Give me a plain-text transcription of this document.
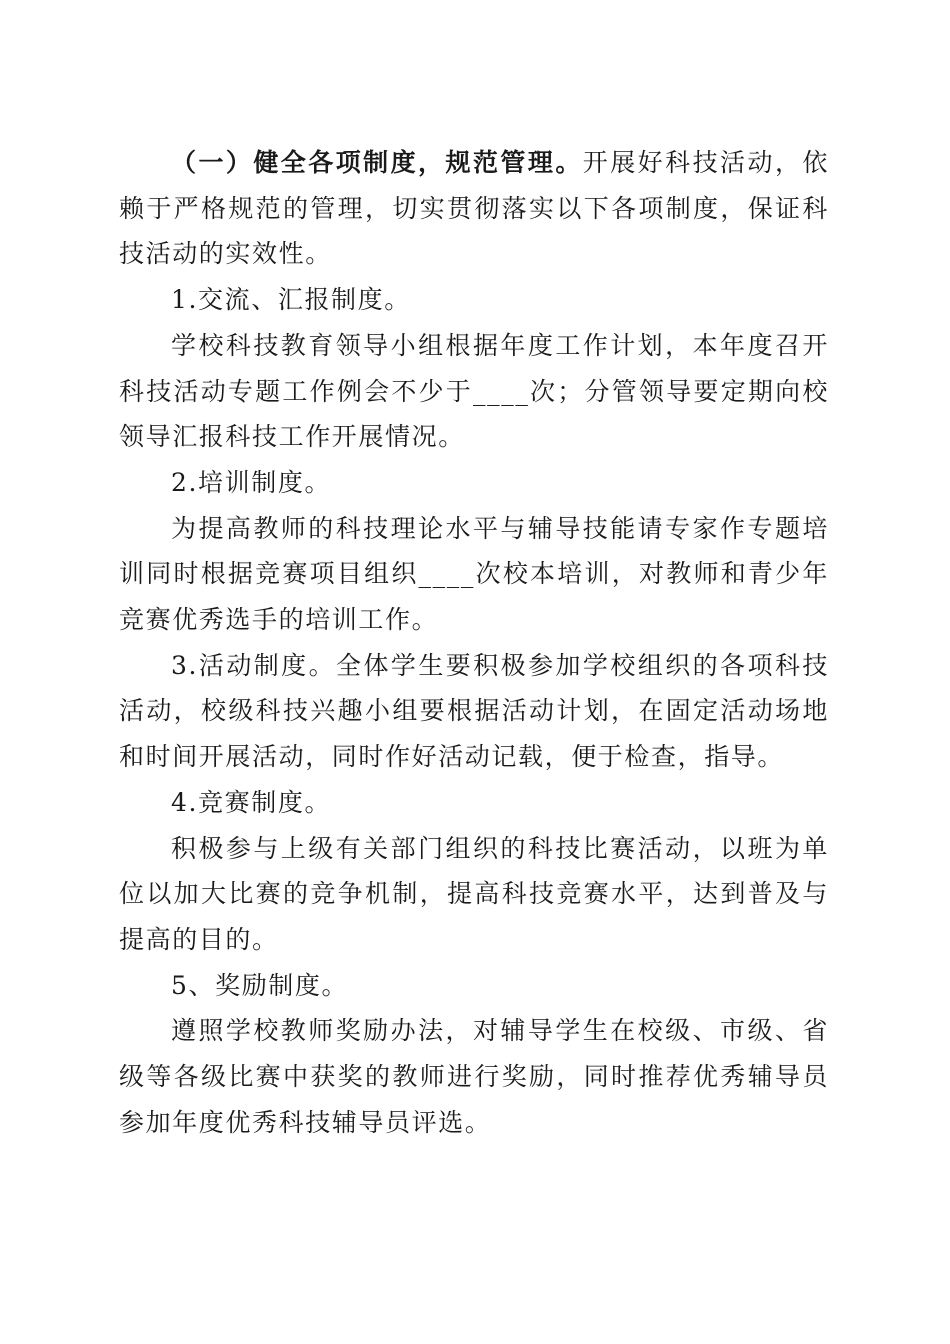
（一）健全各项制度，规范管理。开展好科技活动，依赖于严格规范的管理，切实贯彻落实以下各项制度，保证科技活动的实效性。

1.交流、汇报制度。

学校科技教育领导小组根据年度工作计划，本年度召开科技活动专题工作例会不少于____次；分管领导要定期向校领导汇报科技工作开展情况。

2.培训制度。

为提高教师的科技理论水平与辅导技能请专家作专题培训同时根据竞赛项目组织____次校本培训，对教师和青少年竞赛优秀选手的培训工作。

3.活动制度。全体学生要积极参加学校组织的各项科技活动，校级科技兴趣小组要根据活动计划，在固定活动场地和时间开展活动，同时作好活动记载，便于检查，指导。

4.竞赛制度。

积极参与上级有关部门组织的科技比赛活动，以班为单位以加大比赛的竞争机制，提高科技竞赛水平，达到普及与提高的目的。

5、奖励制度。

遵照学校教师奖励办法，对辅导学生在校级、市级、省级等各级比赛中获奖的教师进行奖励，同时推荐优秀辅导员参加年度优秀科技辅导员评选。
